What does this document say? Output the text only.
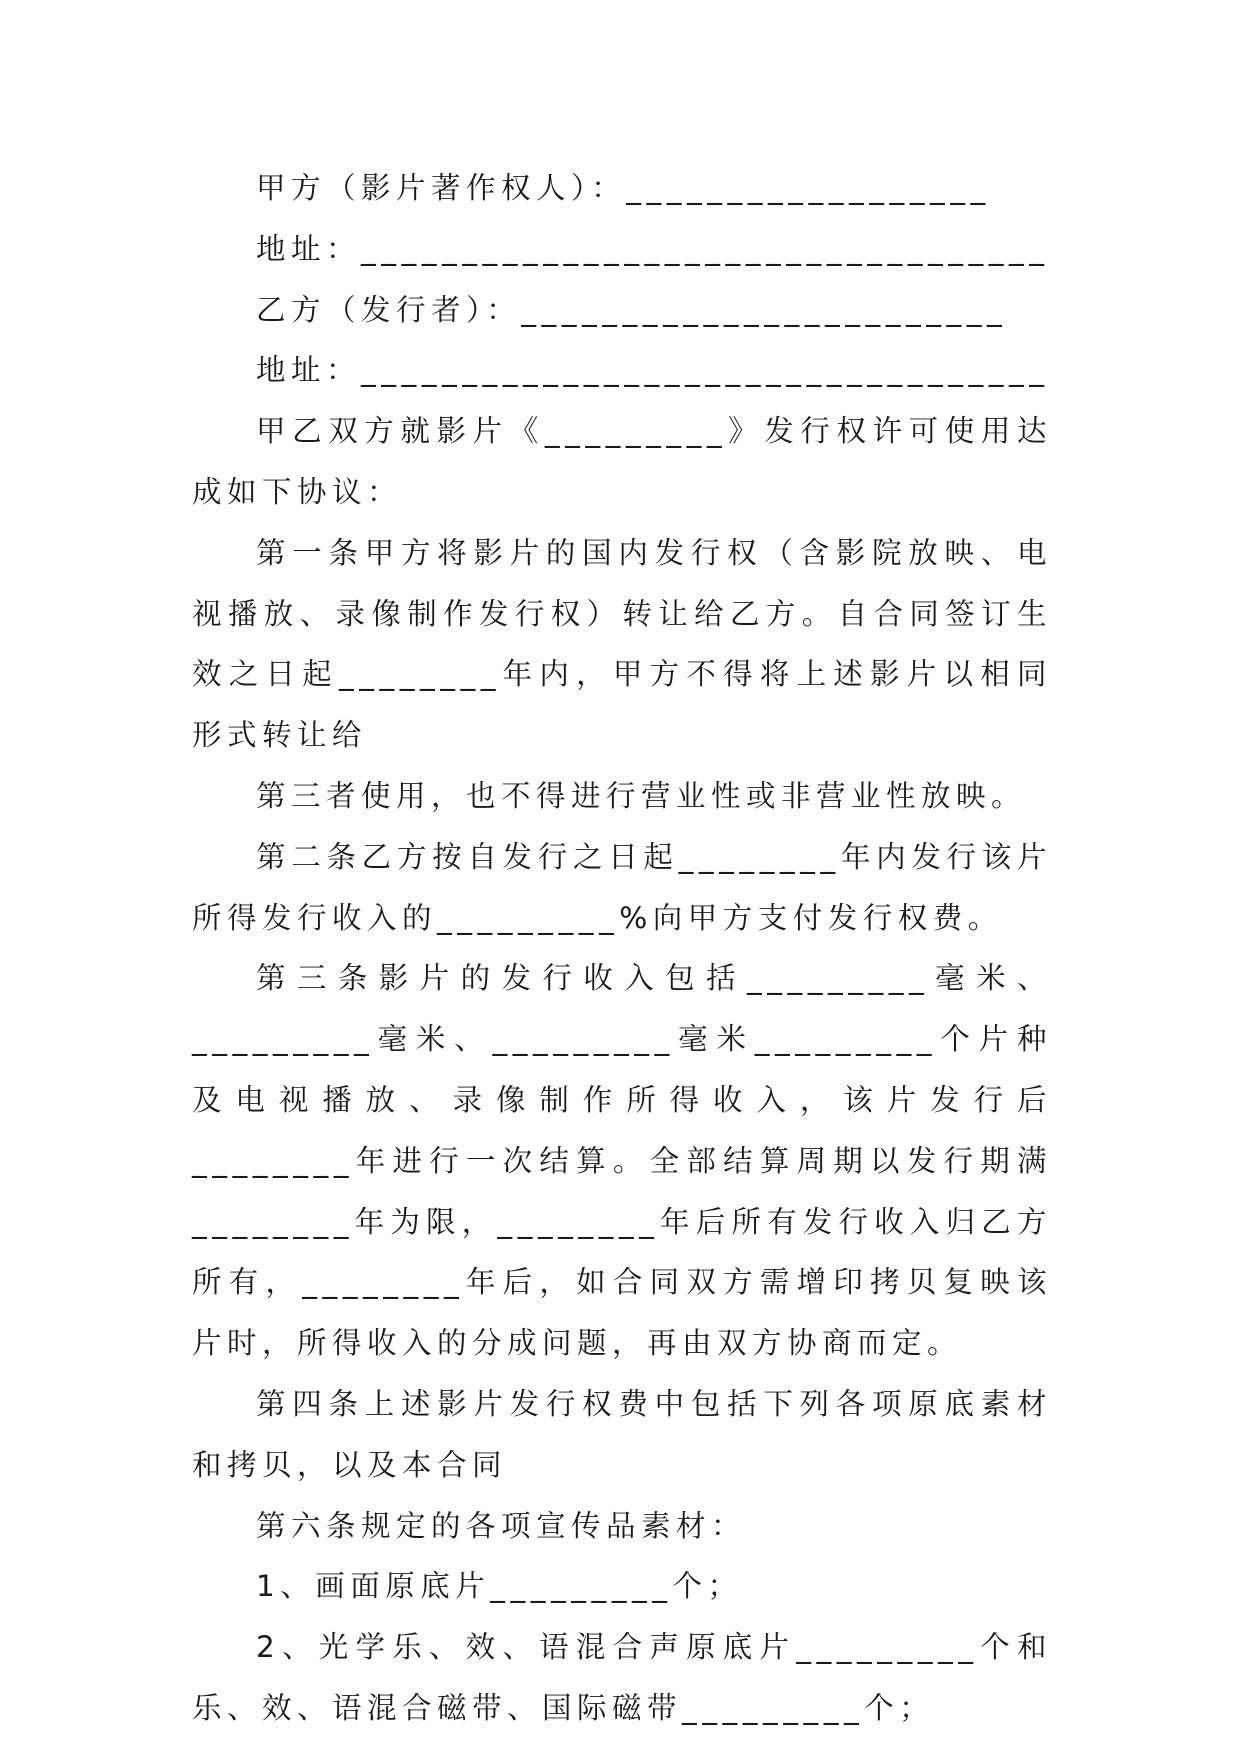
甲方（影片著作权人）：__________________

地址：__________________________________

乙方（发行者）：________________________

地址：__________________________________

甲乙双方就影片《_________》发行权许可使用达成如下协议：

第一条甲方将影片的国内发行权（含影院放映、电视播放、录像制作发行权）转让给乙方。自合同签订生效之日起________年内，甲方不得将上述影片以相同形式转让给

第三者使用，也不得进行营业性或非营业性放映。

第二条乙方按自发行之日起________年内发行该片所得发行收入的_________%向甲方支付发行权费。

第三条影片的发行收入包括_________毫米、_________毫米、_________毫米_________个片种及电视播放、录像制作所得收入，该片发行后________年进行一次结算。全部结算周期以发行期满________年为限，________年后所有发行收入归乙方所有，________年后，如合同双方需增印拷贝复映该片时，所得收入的分成问题，再由双方协商而定。

第四条上述影片发行权费中包括下列各项原底素材和拷贝，以及本合同

第六条规定的各项宣传品素材：

1、画面原底片_________个；

2、光学乐、效、语混合声原底片_________个和乐、效、语混合磁带、国际磁带_________个；
